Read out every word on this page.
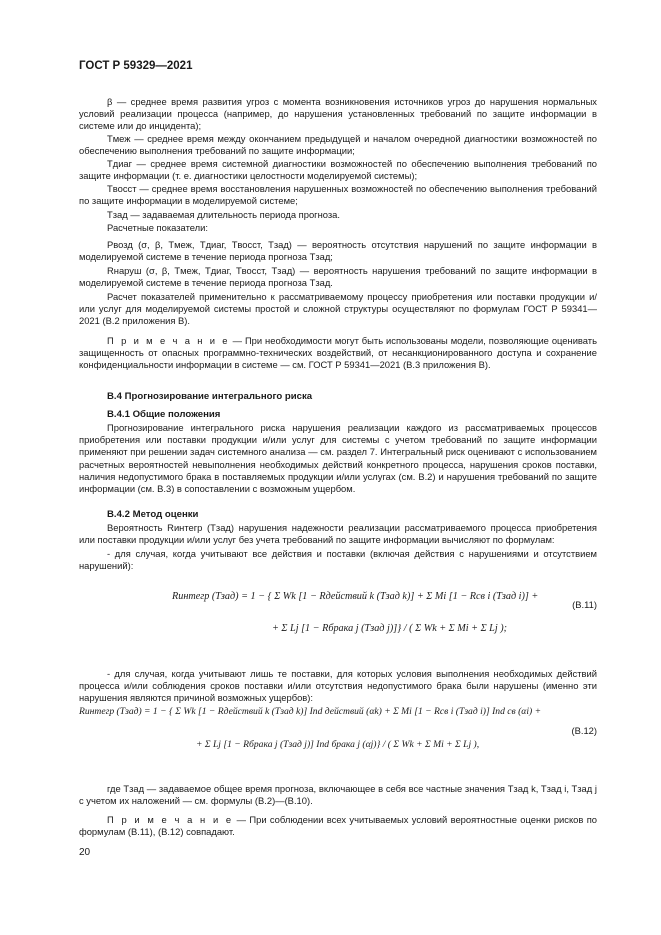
ГОСТ Р 59329—2021

β — среднее время развития угроз с момента возникновения источников угроз до нарушения нормальных условий реализации процесса (например, до нарушения установленных требований по защите информации в системе или до инцидента);

Tмеж — среднее время между окончанием предыдущей и началом очередной диагностики возможностей по обеспечению выполнения требований по защите информации;

Tдиаг — среднее время системной диагностики возможностей по обеспечению выполнения требований по защите информации (т. е. диагностики целостности моделируемой системы);

Tвосст — среднее время восстановления нарушенных возможностей по обеспечению выполнения требований по защите информации в моделируемой системе;

Tзад — задаваемая длительность периода прогноза.

Расчетные показатели:

Pвозд (σ, β, Tмеж, Tдиаг, Tвосст, Tзад) — вероятность отсутствия нарушений по защите информации в моделируемой системе в течение периода прогноза Tзад;

Rнаруш (σ, β, Tмеж, Tдиаг, Tвосст, Tзад) — вероятность нарушения требований по защите информации в моделируемой системе в течение периода прогноза Tзад.

Расчет показателей применительно к рассматриваемому процессу приобретения или поставки продукции и/или услуг для моделируемой системы простой и сложной структуры осуществляют по формулам ГОСТ Р 59341—2021 (В.2 приложения В).

П р и м е ч а н и е — При необходимости могут быть использованы модели, позволяющие оценивать защищенность от опасных программно-технических воздействий, от несанкционированного доступа и сохранение конфиденциальности информации в системе — см. ГОСТ Р 59341—2021 (В.3 приложения В).

В.4 Прогнозирование интегрального риска

В.4.1 Общие положения

Прогнозирование интегрального риска нарушения реализации каждого из рассматриваемых процессов приобретения или поставки продукции и/или услуг для системы с учетом требований по защите информации применяют при решении задач системного анализа — см. раздел 7. Интегральный риск оценивают с использованием расчетных вероятностей невыполнения необходимых действий конкретного процесса, нарушения сроков поставки, наличия недопустимого брака в поставляемых продукции и/или услугах (см. В.2) и нарушения требований по защите информации (см. В.3) в сопоставлении с возможным ущербом.

В.4.2 Метод оценки

Вероятность Rинтегр (Tзад) нарушения надежности реализации рассматриваемого процесса приобретения или поставки продукции и/или услуг без учета требований по защите информации вычисляют по формулам:

- для случая, когда учитывают все действия и поставки (включая действия с нарушениями и отсутствием нарушений):

Rинтегр (Tзад) = 1 − { Σ Wk [1 − Rдействий k (Tзад k)] + Σ Mi [1 − Rсв i (Tзад i)] +
+ Σ Lj [1 − Rбрака j (Tзад j)]} / ( Σ Wk + Σ Mi + Σ Lj );
(В.11)

- для случая, когда учитывают лишь те поставки, для которых условия выполнения необходимых действий процесса и/или соблюдения сроков поставки и/или отсутствия недопустимого брака были нарушены (именно эти нарушения являются причиной возможных ущербов):

Rинтегр (Tзад) = 1 − { Σ Wk [1 − Rдействий k (Tзад k)] Ind действий (αk) + Σ Mi [1 − Rсв i (Tзад i)] Ind св (αi) +
+ Σ Lj [1 − Rбрака j (Tзад j)] Ind брака j (αj)} / ( Σ Wk + Σ Mi + Σ Lj ),
(В.12)

где Tзад — задаваемое общее время прогноза, включающее в себя все частные значения Tзад k, Tзад i, Tзад j с учетом их наложений — см. формулы (В.2)—(В.10).

П р и м е ч а н и е — При соблюдении всех учитываемых условий вероятностные оценки рисков по формулам (В.11), (В.12) совпадают.

20
